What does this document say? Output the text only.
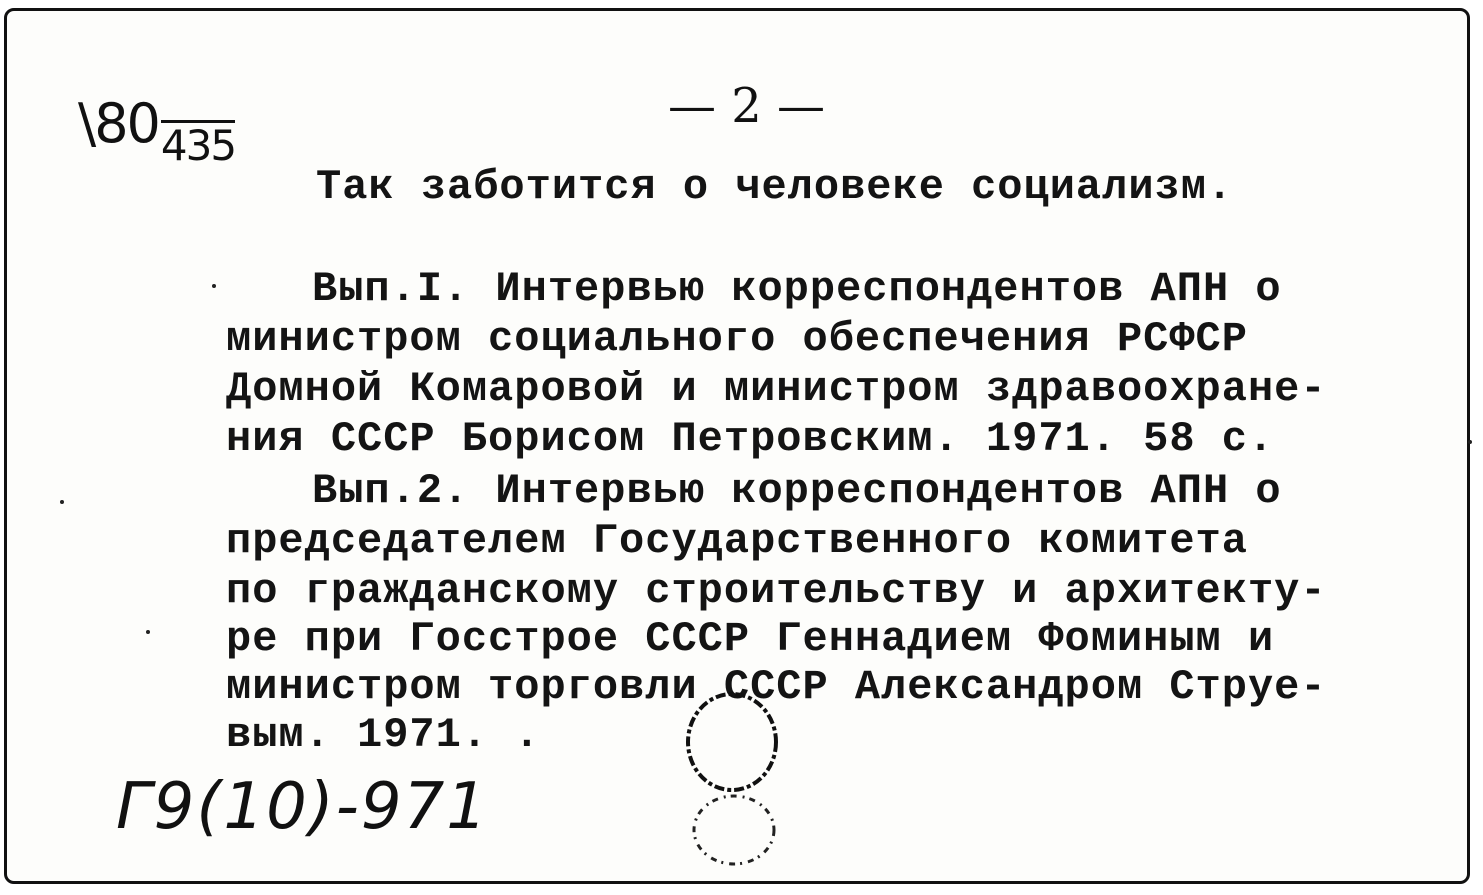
\80435
— 2 —
Так заботится о человеке социализм.
Вып.I. Интервью корреспондентов АПН о
министром социального обеспечения РСФСР
Домной Комаровой и министром здравоохране-
ния СССР Борисом Петровским. 1971. 58 с.
Вып.2. Интервью корреспондентов АПН о
председателем Государственного комитета
по гражданскому строительству и архитекту-
ре при Госстрое СССР Геннадием Фоминым и
министром торговли СССР Александром Струе-
вым. 1971. .
Г9(10)-971
